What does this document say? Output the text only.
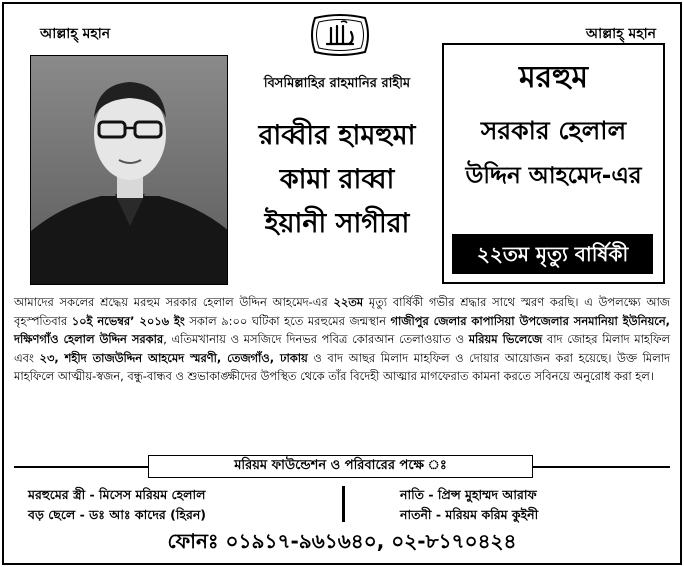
আল্লাহ্ মহান	আল্লাহ্ মহান
বিসমিল্লাহির রাহমানির রাহীম
রাব্বীর হামহুমা
কামা রাব্বা
ইয়ানী সাগীরা
মরহুম
সরকার হেলাল
উদ্দিন আহমেদ-এর
২২তম মৃত্যু বার্ষিকী
আমাদের সকলের শ্রদ্ধেয় মরহুম সরকার হেলাল উদ্দিন আহমেদ-এর ২২তম মৃত্যু বার্ষিকী গভীর শ্রদ্ধার সাথে স্মরণ করছি। এ উপলক্ষ্যে আজ বৃহস্পতিবার ১০ই নভেম্বর’ ২০১৬ ইং সকাল ৯:০০ ঘটিকা হতে মরহুমের জন্মস্থান গাজীপুর জেলার কাপাসিয়া উপজেলার সনমানিয়া ইউনিয়নে, দক্ষিণগাঁও হেলাল উদ্দিন সরকার, এতিমখানায় ও মসজিদে দিনভর পবিত্র কোরআন তেলাওয়াত ও মরিয়ম ভিলেজে বাদ জোহর মিলাদ মাহফিল এবং ২৩, শহীদ তাজউদ্দিন আহমেদ স্মরণী, তেজগাঁও, ঢাকায় ও বাদ আছর মিলাদ মাহফিল ও দোয়ার আয়োজন করা হয়েছে। উক্ত মিলাদ মাহফিলে আত্মীয়-স্বজন, বন্ধু-বান্ধব ও শুভাকাঙ্ক্ষীদের উপস্থিত থেকে তাঁর বিদেহী আত্মার মাগফেরাত কামনা করতে সবিনয়ে অনুরোধ করা হল।
মরিয়ম ফাউন্ডেশন ও পরিবারের পক্ষে ঃ
মরহুমের স্ত্রী - মিসেস মরিয়ম হেলাল
বড় ছেলে - ডঃ আঃ কাদের (হিরন)
নাতি - প্রিন্স মুহাম্মদ আরাফ
নাতনী - মরিয়ম করিম কুইনী
ফোনঃ ০১৯১৭-৯৬১৬৪০, ০২-৮১৭০৪২৪
